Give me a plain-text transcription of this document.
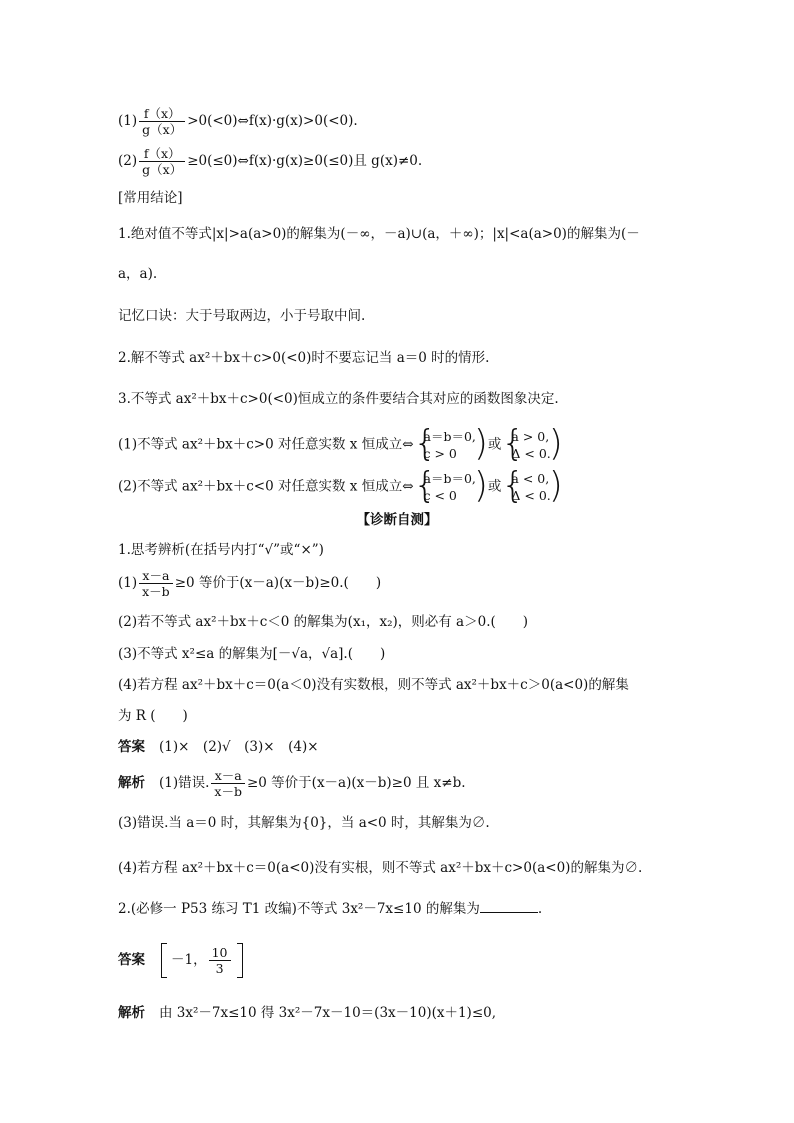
$(1) \frac{f(x)}{g(x)}$ >0(<0)⇔f(x)·g(x)>0(<0).
$(2) \frac{f(x)}{g(x)}$ ≥0(≤0)⇔f(x)·g(x)≥0(≤0)且 g(x)≠0.
[常用结论]
1.绝对值不等式|x|>a(a>0)的解集为(－∞，－a)∪(a，＋∞)；|x|<a(a>0)的解集为(－
a，a).
记忆口诀：大于号取两边，小于号取中间.
2.解不等式 ax²＋bx＋c>0(<0)时不要忘记当 a＝0 时的情形.
3.不等式 ax²＋bx＋c>0(<0)恒成立的条件要结合其对应的函数图象决定.
(1)不等式 ax²＋bx＋c>0 对任意实数 x 恒成立⇔ { a＝b＝0,
c > 0
)或 { a > 0,
Δ < 0.
)
(2)不等式 ax²＋bx＋c<0 对任意实数 x 恒成立⇔ { a＝b＝0,
c < 0
)或 { a < 0,
Δ < 0.
)
【诊断自测】
1.思考辨析(在括号内打“√”或“×”)
$(1) \frac{x-a}{x-b} \ge 0$ 等价于(x－a)(x－b)≥0.(　　)
(2)若不等式 ax²＋bx＋c＜0 的解集为(x₁，x₂)，则必有 a＞0.(　　)
(3)不等式 x²≤a 的解集为[－√a，√a].(　　)
(4)若方程 ax²＋bx＋c＝0(a＜0)没有实数根，则不等式 ax²＋bx＋c＞0(a<0)的解集
为 R (　　)
答案 (1)×　(2)√　(3)×　(4)×
解析 (1)错误. $\frac{x-a}{x-b} \ge 0$ 等价于(x－a)(x－b)≥0 且 x≠b.
(3)错误.当 a＝0 时，其解集为{0}，当 a<0 时，其解集为∅.
(4)若方程 ax²＋bx＋c＝0(a<0)没有实根，则不等式 ax²＋bx＋c>0(a<0)的解集为∅.
2.(必修一 P53 练习 T1 改编)不等式 3x²－7x≤10 的解集为	.
答案 －1， $\frac{10}{3}$
解析 由 3x²－7x≤10 得 3x²－7x－10＝(3x－10)(x＋1)≤0,
